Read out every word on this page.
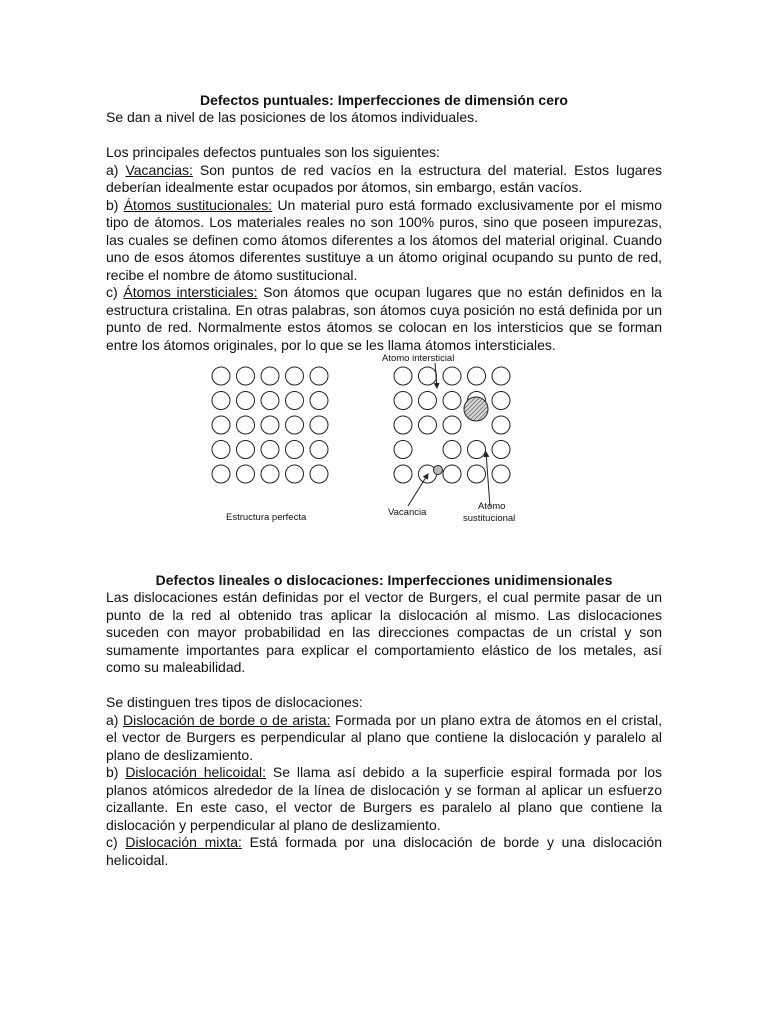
Defectos puntuales: Imperfecciones de dimensión cero

Se dan a nivel de las posiciones de los átomos individuales.

Los principales defectos puntuales son los siguientes:

a) Vacancias: Son puntos de red vacíos en la estructura del material. Estos lugares deberían idealmente estar ocupados por átomos, sin embargo, están vacíos.

b) Átomos sustitucionales: Un material puro está formado exclusivamente por el mismo tipo de átomos. Los materiales reales no son 100% puros, sino que poseen impurezas, las cuales se definen como átomos diferentes a los átomos del material original. Cuando uno de esos átomos diferentes sustituye a un átomo original ocupando su punto de red, recibe el nombre de átomo sustitucional.

c) Átomos intersticiales: Son átomos que ocupan lugares que no están definidos en la estructura cristalina. En otras palabras, son átomos cuya posición no está definida por un punto de red. Normalmente estos átomos se colocan en los intersticios que se forman entre los átomos originales, por lo que se les llama átomos intersticiales.

Átomo intersticial
Estructura perfecta	Vacancia
Atomo
sustitucional
Defectos lineales o dislocaciones: Imperfecciones unidimensionales

Las dislocaciones están definidas por el vector de Burgers, el cual permite pasar de un punto de la red al obtenido tras aplicar la dislocación al mismo. Las dislocaciones suceden con mayor probabilidad en las direcciones compactas de un cristal y son sumamente importantes para explicar el comportamiento elástico de los metales, así como su maleabilidad.

Se distinguen tres tipos de dislocaciones:

a) Dislocación de borde o de arista: Formada por un plano extra de átomos en el cristal, el vector de Burgers es perpendicular al plano que contiene la dislocación y paralelo al plano de deslizamiento.

b) Dislocación helicoidal: Se llama así debido a la superficie espiral formada por los planos atómicos alrededor de la línea de dislocación y se forman al aplicar un esfuerzo cizallante. En este caso, el vector de Burgers es paralelo al plano que contiene la dislocación y perpendicular al plano de deslizamiento.

c) Dislocación mixta: Está formada por una dislocación de borde y una dislocación helicoidal.
